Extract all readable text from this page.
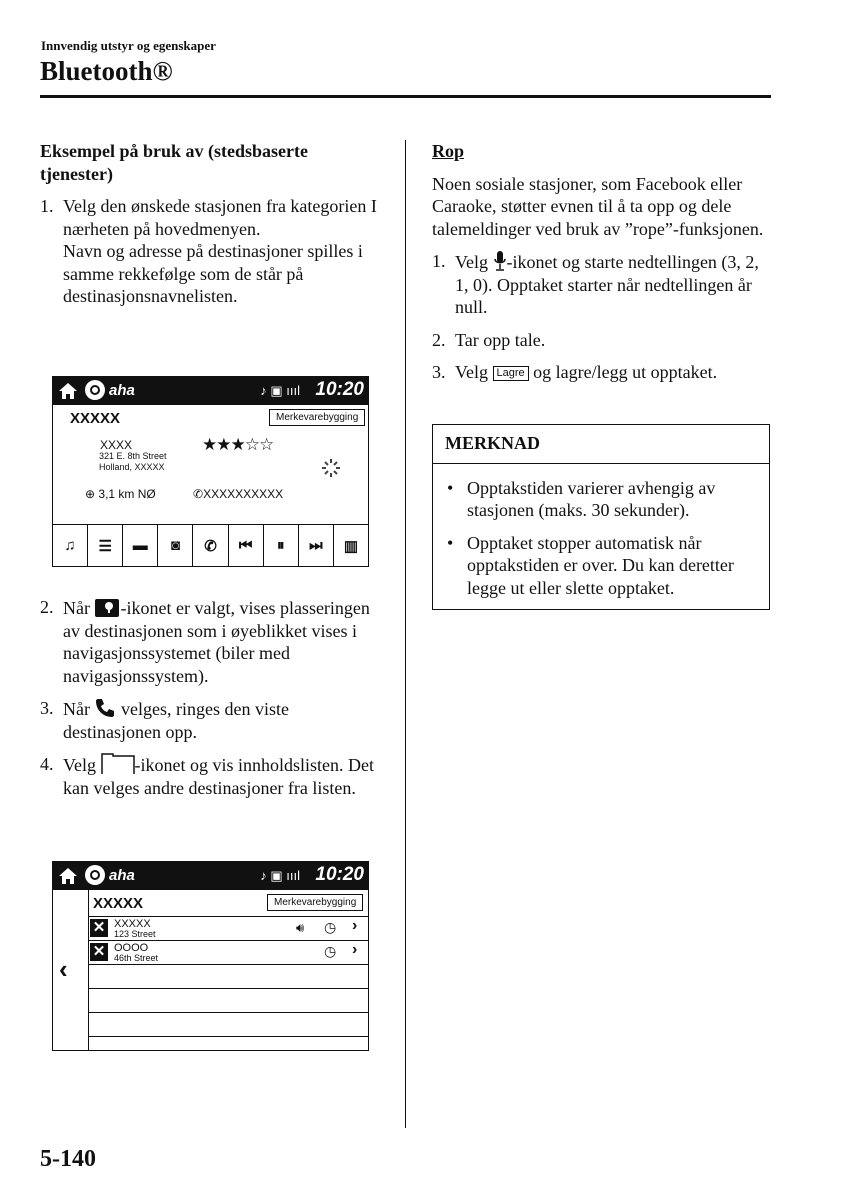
Innvendig utstyr og egenskaper
Bluetooth®
Eksempel på bruk av (stedsbaserte tjenester)
1. Velg den ønskede stasjonen fra kategorien I nærheten på hovedmenyen.
Navn og adresse på destinasjoner spilles i samme rekkefølge som de står på destinasjonsnavnelisten.
aha	♪ ▣ ıııl 10:20
XXXXX	Merkevarebygging
XXXX
321 E. 8th Street
Holland, XXXXX
★★★☆☆
⊕ 3,1 km NØ	✆XXXXXXXXXX
♫	☰	▬	◙	✆	⏮	⏸	⏭	▥
2. Når -ikonet er valgt, vises plasseringen av destinasjonen som i øyeblikket vises i navigasjonssystemet (biler med navigasjonssystem).
3. Når velges, ringes den viste destinasjonen opp.
4. Velg -ikonet og vis innholdslisten. Det kan velges andre destinasjoner fra listen.
aha	♪ ▣ ıııl 10:20
‹
XXXXX	Merkevarebygging
✕ XXXXX
123 Street	🔊︎ ◷ ›
✕ OOOO
46th Street	◷ ›
Rop
Noen sosiale stasjoner, som Facebook eller Caraoke, støtter evnen til å ta opp og dele talemeldinger ved bruk av ”rope”-funksjonen.
1. Velg -ikonet og starte nedtellingen (3, 2, 1, 0). Opptaket starter når nedtellingen år null.
2. Tar opp tale.
3. Velg Lagre og lagre/legg ut opptaket.
MERKNAD
• Opptakstiden varierer avhengig av stasjonen (maks. 30 sekunder).
• Opptaket stopper automatisk når opptakstiden er over. Du kan deretter legge ut eller slette opptaket.
5-140
